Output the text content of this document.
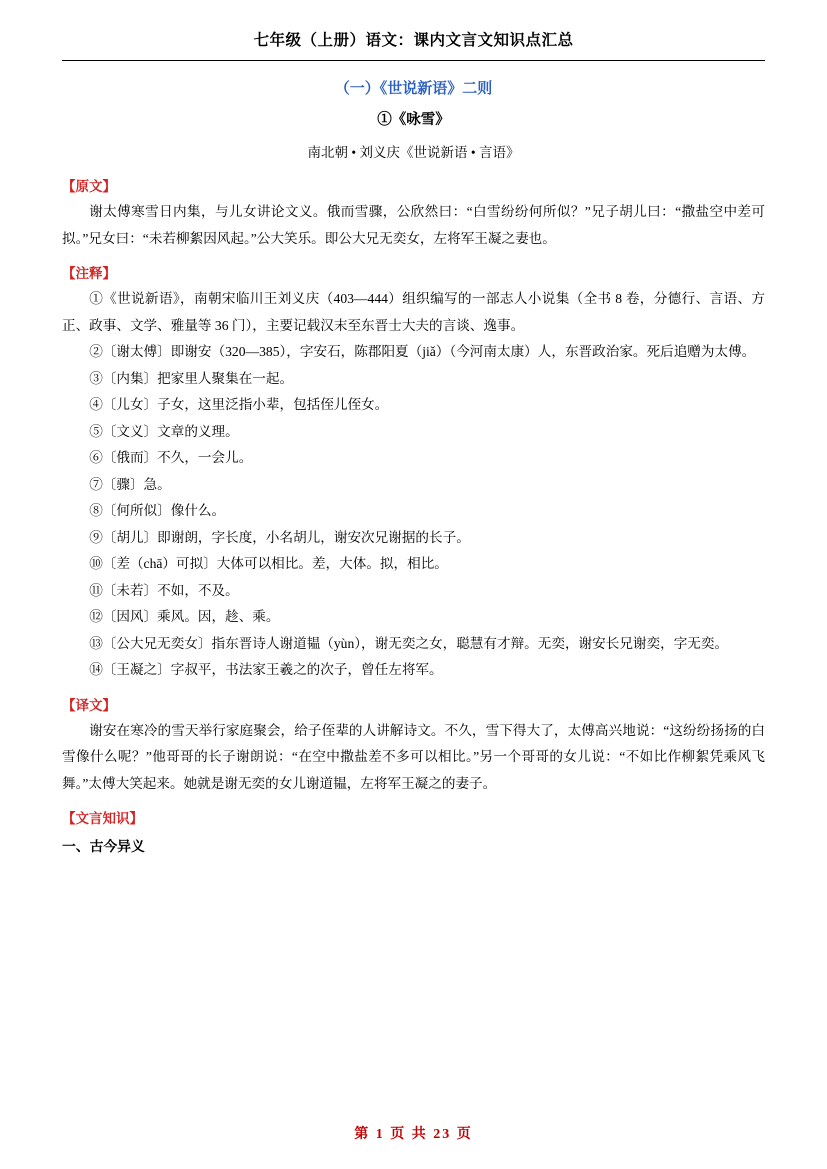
七年级（上册）语文：课内文言文知识点汇总
（一）《世说新语》二则
①《咏雪》
南北朝 • 刘义庆《世说新语 • 言语》
【原文】
谢太傅寒雪日内集，与儿女讲论文义。俄而雪骤，公欣然曰：“白雪纷纷何所似？”兄子胡儿曰：“撒盐空中差可拟。”兄女曰：“未若柳絮因风起。”公大笑乐。即公大兄无奕女，左将军王凝之妻也。
【注释】
①《世说新语》，南朝宋临川王刘义庆（403—444）组织编写的一部志人小说集（全书 8 卷，分德行、言语、方正、政事、文学、雅量等 36 门），主要记载汉末至东晋士大夫的言谈、逸事。
②〔谢太傅〕即谢安（320—385），字安石，陈郡阳夏（jiǎ）（今河南太康）人，东晋政治家。死后追赠为太傅。
③〔内集〕把家里人聚集在一起。
④〔儿女〕子女，这里泛指小辈，包括侄儿侄女。
⑤〔文义〕文章的义理。
⑥〔俄而〕不久，一会儿。
⑦〔骤〕急。
⑧〔何所似〕像什么。
⑨〔胡儿〕即谢朗，字长度，小名胡儿，谢安次兄谢据的长子。
⑩〔差（chā）可拟〕大体可以相比。差，大体。拟，相比。
⑪〔未若〕不如，不及。
⑫〔因风〕乘风。因，趁、乘。
⑬〔公大兄无奕女〕指东晋诗人谢道韫（yùn），谢无奕之女，聪慧有才辩。无奕，谢安长兄谢奕，字无奕。
⑭〔王凝之〕字叔平，书法家王羲之的次子，曾任左将军。
【译文】
谢安在寒冷的雪天举行家庭聚会，给子侄辈的人讲解诗文。不久，雪下得大了，太傅高兴地说：“这纷纷扬扬的白雪像什么呢？”他哥哥的长子谢朗说：“在空中撒盐差不多可以相比。”另一个哥哥的女儿说：“不如比作柳絮凭乘风飞舞。”太傅大笑起来。她就是谢无奕的女儿谢道韫，左将军王凝之的妻子。
【文言知识】
一、古今异义
第 1 页 共 23 页
